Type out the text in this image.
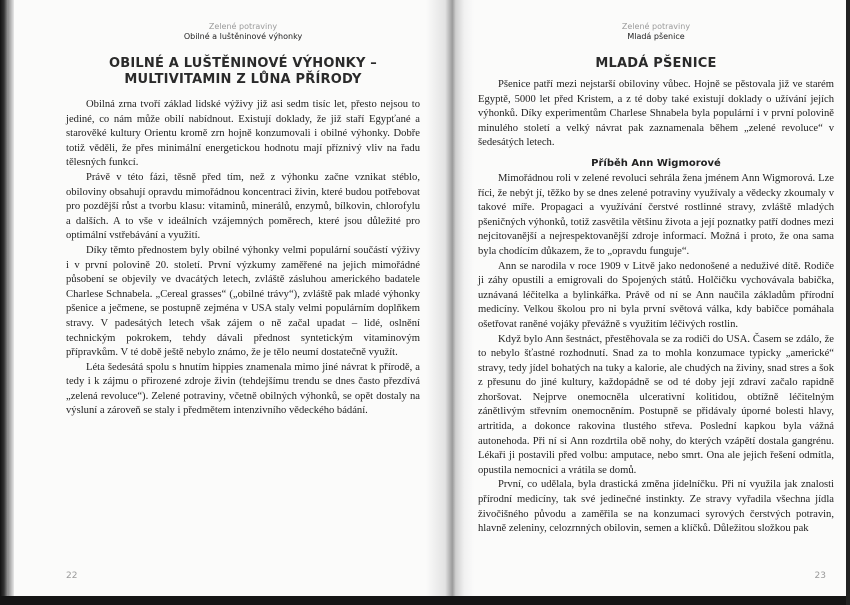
Zelené potraviny
Obilné a luštěninové výhonky
OBILNÉ A LUŠTĚNINOVÉ VÝHONKY – MULTIVITAMIN Z LŮNA PŘÍRODY

Obilná zrna tvoří základ lidské výživy již asi sedm tisíc let, přesto nejsou to jediné, co nám může obilí nabídnout. Existují doklady, že již staří Egypťané a starověké kultury Orientu kromě zrn hojně konzumovali i obilné výhonky. Dobře totiž věděli, že přes minimální energetickou hodnotu mají příznivý vliv na řadu tělesných funkcí.

Právě v této fázi, těsně před tím, než z výhonku začne vznikat stéblo, obiloviny obsahují opravdu mimořádnou koncentraci živin, které budou potřebovat pro pozdější růst a tvorbu klasu: vitaminů, minerálů, enzymů, bílkovin, chlorofylu a dalších. A to vše v ideálních vzájemných poměrech, které jsou důležité pro optimální vstřebávání a využití.

Díky těmto přednostem byly obilné výhonky velmi populární součástí výživy i v první polovině 20. století. První výzkumy zaměřené na jejich mimořádné působení se objevily ve dvacátých letech, zvláště zásluhou amerického badatele Charlese Schnabela. „Cereal grasses“ („obilné trávy“), zvláště pak mladé výhonky pšenice a ječmene, se postupně zejména v USA staly velmi populárním doplňkem stravy. V padesátých letech však zájem o ně začal upadat – lidé, oslnění technickým pokrokem, tehdy dávali přednost syntetickým vitaminovým přípravkům. V té době ještě nebylo známo, že je tělo neumí dostatečně využít.

Léta šedesátá spolu s hnutím hippies znamenala mimo jiné návrat k přírodě, a tedy i k zájmu o přirozené zdroje živin (tehdejšímu trendu se dnes často přezdívá „zelená revoluce“). Zelené potraviny, včetně obilných výhonků, se opět dostaly na výsluní a zároveň se staly i předmětem intenzivního vědeckého bádání.

22
Zelené potraviny
Mladá pšenice
MLADÁ PŠENICE

Pšenice patří mezi nejstarší obiloviny vůbec. Hojně se pěstovala již ve starém Egyptě, 5000 let před Kristem, a z té doby také existují doklady o užívání jejích výhonků. Díky experimentům Charlese Shnabela byla populární i v první polovině minulého století a velký návrat pak zaznamenala během „zelené revoluce“ v šedesátých letech.

Příběh Ann Wigmorové

Mimořádnou roli v zelené revoluci sehrála žena jménem Ann Wigmorová. Lze říci, že nebýt jí, těžko by se dnes zelené potraviny využívaly a vědecky zkoumaly v takové míře. Propagaci a využívání čerstvé rostlinné stravy, zvláště mladých pšeničných výhonků, totiž zasvětila většinu života a její poznatky patří dodnes mezi nejcitovanější a nejrespektovanější zdroje informací. Možná i proto, že ona sama byla chodícím důkazem, že to „opravdu funguje“.

Ann se narodila v roce 1909 v Litvě jako nedonošené a neduživé dítě. Rodiče ji záhy opustili a emigrovali do Spojených států. Holčičku vychovávala babička, uznávaná léčitelka a bylinkářka. Právě od ní se Ann naučila základům přírodní medicíny. Velkou školou pro ni byla první světová válka, kdy babičce pomáhala ošetřovat raněné vojáky převážně s využitím léčivých rostlin.

Když bylo Ann šestnáct, přestěhovala se za rodiči do USA. Časem se zdálo, že to nebylo šťastné rozhodnutí. Snad za to mohla konzumace typicky „americké“ stravy, tedy jídel bohatých na tuky a kalorie, ale chudých na živiny, snad stres a šok z přesunu do jiné kultury, každopádně se od té doby její zdraví začalo rapidně zhoršovat. Nejprve onemocněla ulcerativní kolitidou, obtížně léčitelným zánětlivým střevním onemocněním. Postupně se přidávaly úporné bolesti hlavy, artritida, a dokonce rakovina tlustého střeva. Poslední kapkou byla vážná autonehoda. Při ní si Ann rozdrtila obě nohy, do kterých vzápětí dostala gangrénu. Lékaři ji postavili před volbu: amputace, nebo smrt. Ona ale jejich řešení odmítla, opustila nemocnici a vrátila se domů.

První, co udělala, byla drastická změna jídelníčku. Při ní využila jak znalosti přírodní medicíny, tak své jedinečné instinkty. Ze stravy vyřadila všechna jídla živočišného původu a zaměřila se na konzumaci syrových čerstvých potravin, hlavně zeleniny, celozrnných obilovin, semen a klíčků. Důležitou složkou pak

23
